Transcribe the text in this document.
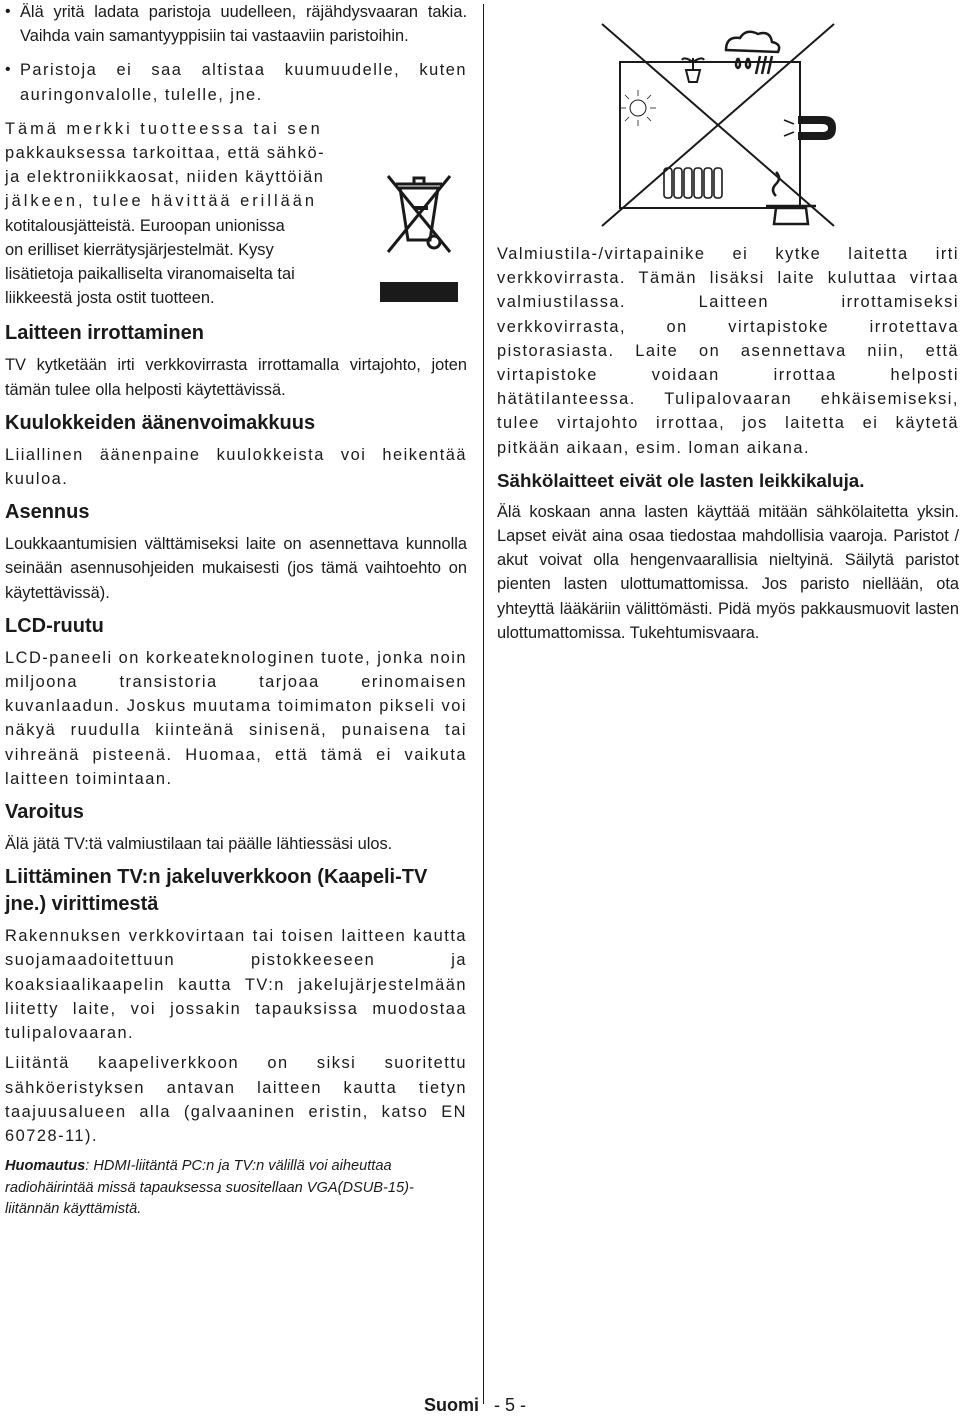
• Älä yritä ladata paristoja uudelleen, räjähdysvaaran takia. Vaihda vain samantyyppisiin tai vastaaviin paristoihin.

• Paristoja ei saa altistaa kuumuudelle, kuten auringonvalolle, tulelle, jne.

Tämä merkki tuotteessa tai sen

pakkauksessa tarkoittaa, että sähkö-

ja elektroniikkaosat, niiden käyttöiän

jälkeen, tulee hävittää erillään

kotitalousjätteistä. Euroopan unionissa

on erilliset kierrätysjärjestelmät. Kysy

lisätietoja paikalliselta viranomaiselta tai

liikkeestä josta ostit tuotteen.

Laitteen irrottaminen

TV kytketään irti verkkovirrasta irrottamalla virtajohto, joten tämän tulee olla helposti käytettävissä.

Kuulokkeiden äänenvoimakkuus

Liiallinen äänenpaine kuulokkeista voi heikentää kuuloa.

Asennus

Loukkaantumisien välttämiseksi laite on asennettava kunnolla seinään asennusohjeiden mukaisesti (jos tämä vaihtoehto on käytettävissä).

LCD-ruutu

LCD-paneeli on korkeateknologinen tuote, jonka noin miljoona transistoria tarjoaa erinomaisen kuvanlaadun. Joskus muutama toimimaton pikseli voi näkyä ruudulla kiinteänä sinisenä, punaisena tai vihreänä pisteenä. Huomaa, että tämä ei vaikuta laitteen toimintaan.

Varoitus

Älä jätä TV:tä valmiustilaan tai päälle lähtiessäsi ulos.

Liittäminen TV:n jakeluverkkoon (Kaapeli-TV jne.) virittimestä

Rakennuksen verkkovirtaan tai toisen laitteen kautta suojamaadoitettuun pistokkeeseen ja koaksiaalikaapelin kautta TV:n jakelujärjestelmään liitetty laite, voi jossakin tapauksissa muodostaa tulipalovaaran.

Liitäntä kaapeliverkkoon on siksi suoritettu sähköeristyksen antavan laitteen kautta tietyn taajuusalueen alla (galvaaninen eristin, katso EN 60728-11).

Huomautus: HDMI-liitäntä PC:n ja TV:n välillä voi aiheuttaa radiohäirintää missä tapauksessa suositellaan VGA(DSUB-15)-liitännän käyttämistä.

Valmiustila-/virtapainike ei kytke laitetta irti verkkovirrasta. Tämän lisäksi laite kuluttaa virtaa valmiustilassa. Laitteen irrottamiseksi verkkovirrasta, on virtapistoke irrotettava pistorasiasta. Laite on asennettava niin, että virtapistoke voidaan irrottaa helposti hätätilanteessa. Tulipalovaaran ehkäisemiseksi, tulee virtajohto irrottaa, jos laitetta ei käytetä pitkään aikaan, esim. loman aikana.

Sähkölaitteet eivät ole lasten leikkikaluja.

Älä koskaan anna lasten käyttää mitään sähkölaitetta yksin. Lapset eivät aina osaa tiedostaa mahdollisia vaaroja. Paristot / akut voivat olla hengenvaarallisia nieltyinä. Säilytä paristot pienten lasten ulottumattomissa. Jos paristo niellään, ota yhteyttä lääkäriin välittömästi. Pidä myös pakkausmuovit lasten ulottumattomissa. Tukehtumisvaara.

Suomi - 5 -
